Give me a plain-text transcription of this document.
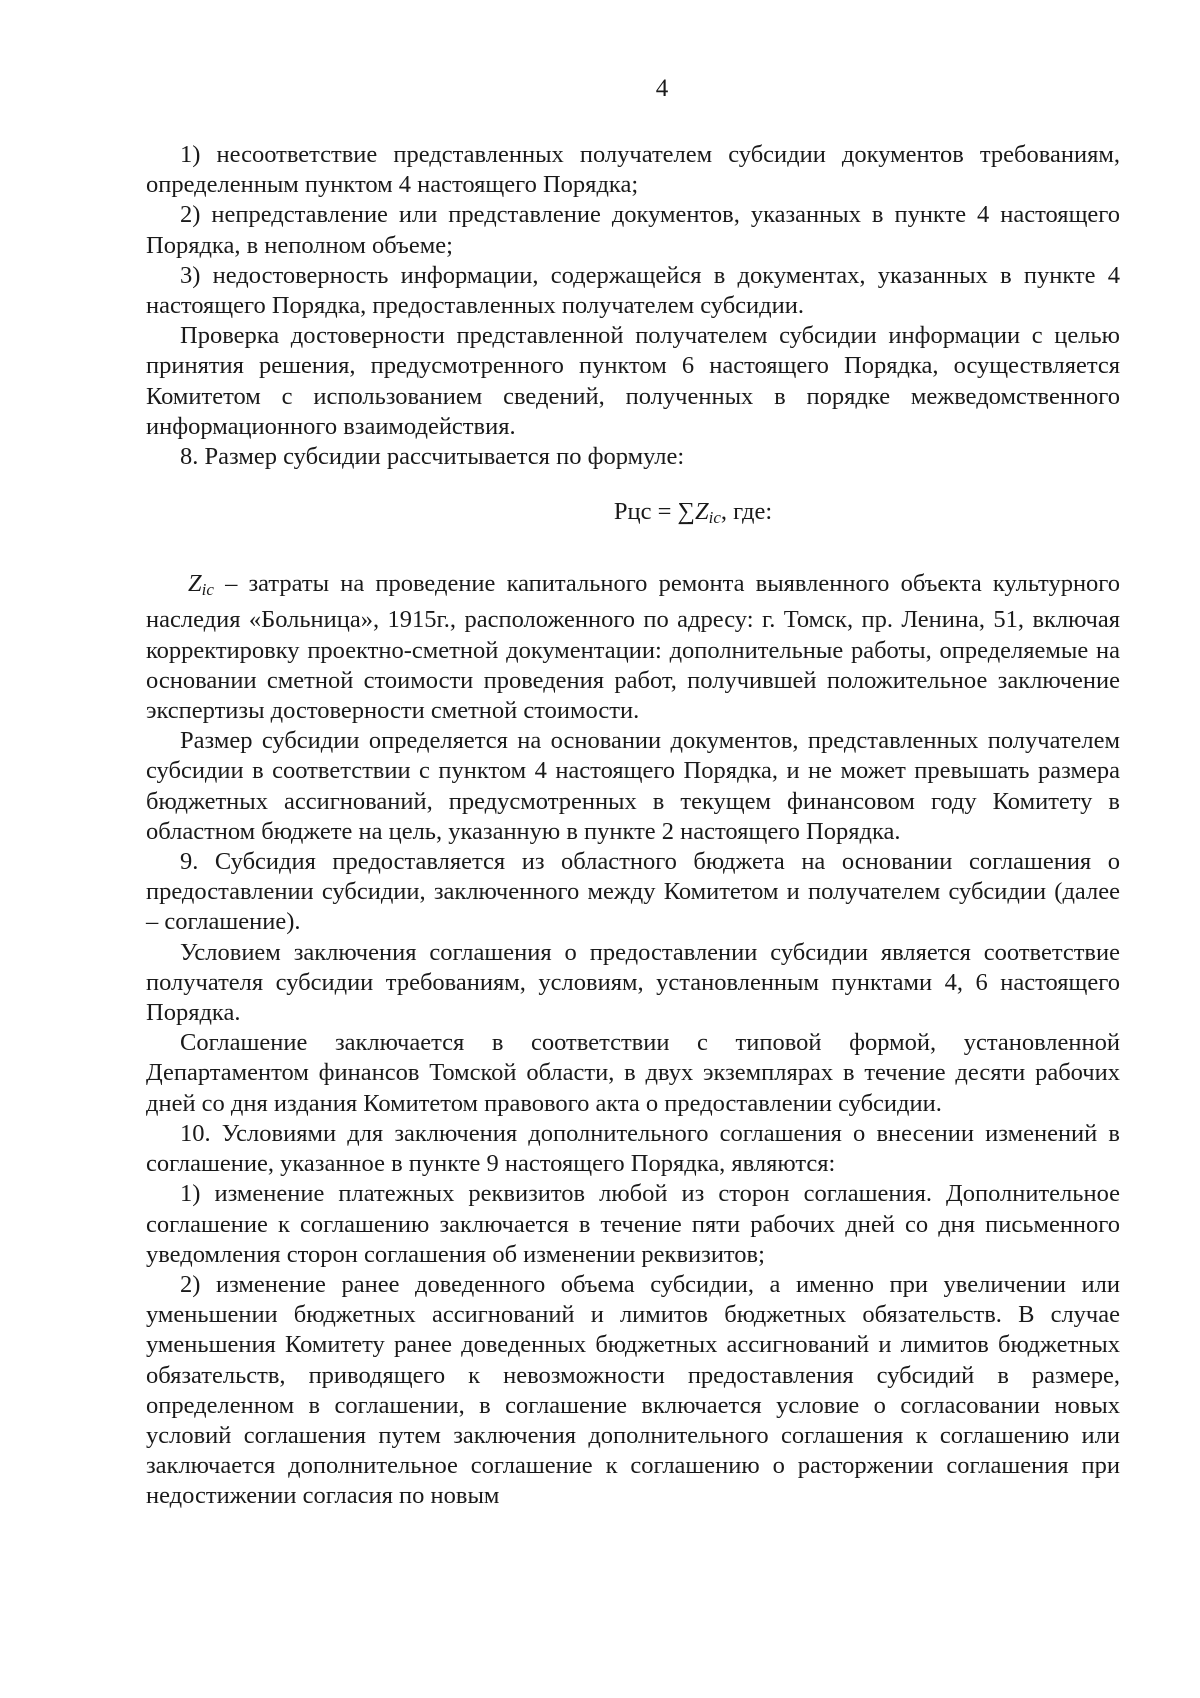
4

1) несоответствие представленных получателем субсидии документов требованиям, определенным пунктом 4 настоящего Порядка;

2) непредставление или представление документов, указанных в пункте 4 настоящего Порядка, в неполном объеме;

3) недостоверность информации, содержащейся в документах, указанных в пункте 4 настоящего Порядка, предоставленных получателем субсидии.

Проверка достоверности представленной получателем субсидии информации с целью принятия решения, предусмотренного пунктом 6 настоящего Порядка, осуществляется Комитетом с использованием сведений, полученных в порядке межведомственного информационного взаимодействия.

8. Размер субсидии рассчитывается по формуле:

Рцс = $\sum Z_{ic}$, где:

$Z_{ic}$ – затраты на проведение капитального ремонта выявленного объекта культурного наследия «Больница», 1915г., расположенного по адресу: г. Томск, пр. Ленина, 51, включая корректировку проектно-сметной документации: дополнительные работы, определяемые на основании сметной стоимости проведения работ, получившей положительное заключение экспертизы достоверности сметной стоимости.

Размер субсидии определяется на основании документов, представленных получателем субсидии в соответствии с пунктом 4 настоящего Порядка, и не может превышать размера бюджетных ассигнований, предусмотренных в текущем финансовом году Комитету в областном бюджете на цель, указанную в пункте 2 настоящего Порядка.

9. Субсидия предоставляется из областного бюджета на основании соглашения о предоставлении субсидии, заключенного между Комитетом и получателем субсидии (далее – соглашение).

Условием заключения соглашения о предоставлении субсидии является соответствие получателя субсидии требованиям, условиям, установленным пунктами 4, 6 настоящего Порядка.

Соглашение заключается в соответствии с типовой формой, установленной Департаментом финансов Томской области, в двух экземплярах в течение десяти рабочих дней со дня издания Комитетом правового акта о предоставлении субсидии.

10. Условиями для заключения дополнительного соглашения о внесении изменений в соглашение, указанное в пункте 9 настоящего Порядка, являются:

1) изменение платежных реквизитов любой из сторон соглашения. Дополнительное соглашение к соглашению заключается в течение пяти рабочих дней со дня письменного уведомления сторон соглашения об изменении реквизитов;

2) изменение ранее доведенного объема субсидии, а именно при увеличении или уменьшении бюджетных ассигнований и лимитов бюджетных обязательств. В случае уменьшения Комитету ранее доведенных бюджетных ассигнований и лимитов бюджетных обязательств, приводящего к невозможности предоставления субсидий в размере, определенном в соглашении, в соглашение включается условие о согласовании новых условий соглашения путем заключения дополнительного соглашения к соглашению или заключается дополнительное соглашение к соглашению о расторжении соглашения при недостижении согласия по новым
